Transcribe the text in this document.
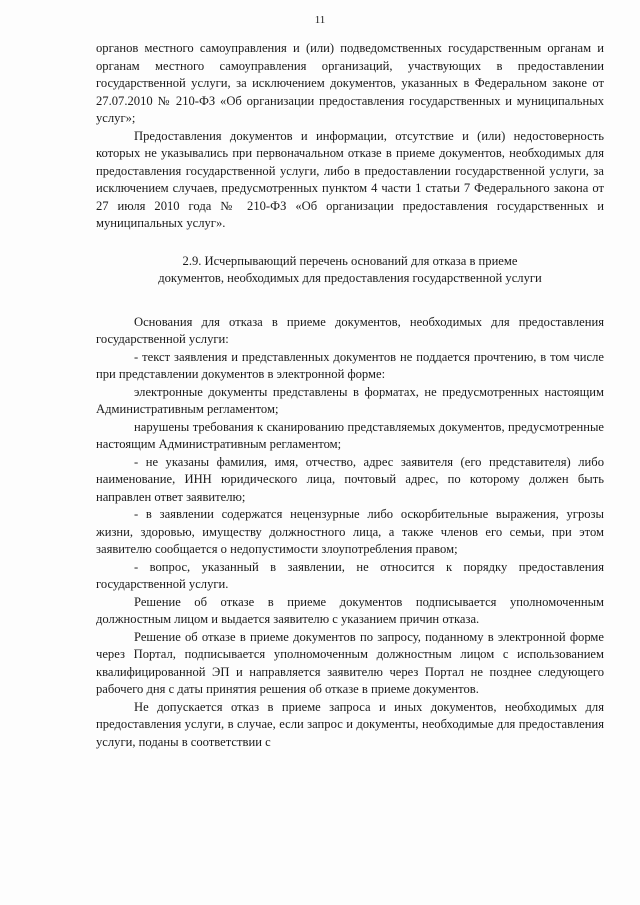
11

органов местного самоуправления и (или) подведомственных государственным органам и органам местного самоуправления организаций, участвующих в предоставлении государственной услуги, за исключением документов, указанных в Федеральном законе от 27.07.2010 № 210-ФЗ «Об организации предоставления государственных и муниципальных услуг»;

Предоставления документов и информации, отсутствие и (или) недостоверность которых не указывались при первоначальном отказе в приеме документов, необходимых для предоставления государственной услуги, либо в предоставлении государственной услуги, за исключением случаев, предусмотренных пунктом 4 части 1 статьи 7 Федерального закона от 27 июля 2010 года № 210-ФЗ «Об организации предоставления государственных и муниципальных услуг».

2.9. Исчерпывающий перечень оснований для отказа в приеме документов, необходимых для предоставления государственной услуги

Основания для отказа в приеме документов, необходимых для предоставления государственной услуги:

- текст заявления и представленных документов не поддается прочтению, в том числе при представлении документов в электронной форме:

электронные документы представлены в форматах, не предусмотренных настоящим Административным регламентом;

нарушены требования к сканированию представляемых документов, предусмотренные настоящим Административным регламентом;

- не указаны фамилия, имя, отчество, адрес заявителя (его представителя) либо наименование, ИНН юридического лица, почтовый адрес, по которому должен быть направлен ответ заявителю;

- в заявлении содержатся нецензурные либо оскорбительные выражения, угрозы жизни, здоровью, имуществу должностного лица, а также членов его семьи, при этом заявителю сообщается о недопустимости злоупотребления правом;

- вопрос, указанный в заявлении, не относится к порядку предоставления государственной услуги.

Решение об отказе в приеме документов подписывается уполномоченным должностным лицом и выдается заявителю с указанием причин отказа.

Решение об отказе в приеме документов по запросу, поданному в электронной форме через Портал, подписывается уполномоченным должностным лицом с использованием квалифицированной ЭП и направляется заявителю через Портал не позднее следующего рабочего дня с даты принятия решения об отказе в приеме документов.

Не допускается отказ в приеме запроса и иных документов, необходимых для предоставления услуги, в случае, если запрос и документы, необходимые для предоставления услуги, поданы в соответствии с
